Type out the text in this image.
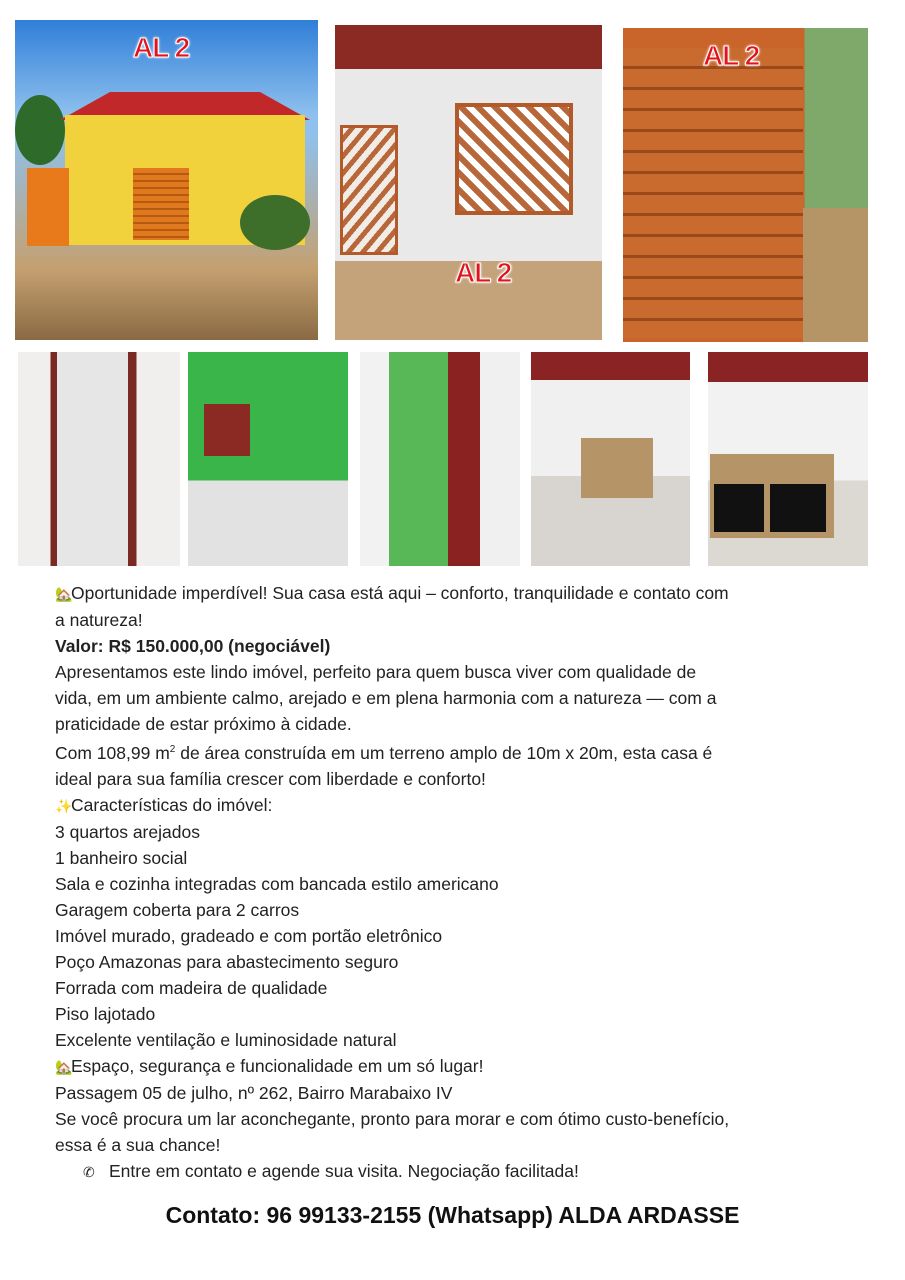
AL 2
AL 2
AL 2
🏡Oportunidade imperdível! Sua casa está aqui – conforto, tranquilidade e contato com
a natureza!
Valor: R$ 150.000,00 (negociável)
Apresentamos este lindo imóvel, perfeito para quem busca viver com qualidade de
vida, em um ambiente calmo, arejado e em plena harmonia com a natureza — com a
praticidade de estar próximo à cidade.
Com 108,99 $m^2$ de área construída em um terreno amplo de 10m x 20m, esta casa é
ideal para sua família crescer com liberdade e conforto!
✨Características do imóvel:
3 quartos arejados
1 banheiro social
Sala e cozinha integradas com bancada estilo americano
Garagem coberta para 2 carros
Imóvel murado, gradeado e com portão eletrônico
Poço Amazonas para abastecimento seguro
Forrada com madeira de qualidade
Piso lajotado
Excelente ventilação e luminosidade natural
🏡Espaço, segurança e funcionalidade em um só lugar!
Passagem 05 de julho, nº 262, Bairro Marabaixo IV
Se você procura um lar aconchegante, pronto para morar e com ótimo custo-benefício,
essa é a sua chance!
✆ Entre em contato e agende sua visita. Negociação facilitada!
Contato: 96 99133-2155 (Whatsapp) ALDA ARDASSE
